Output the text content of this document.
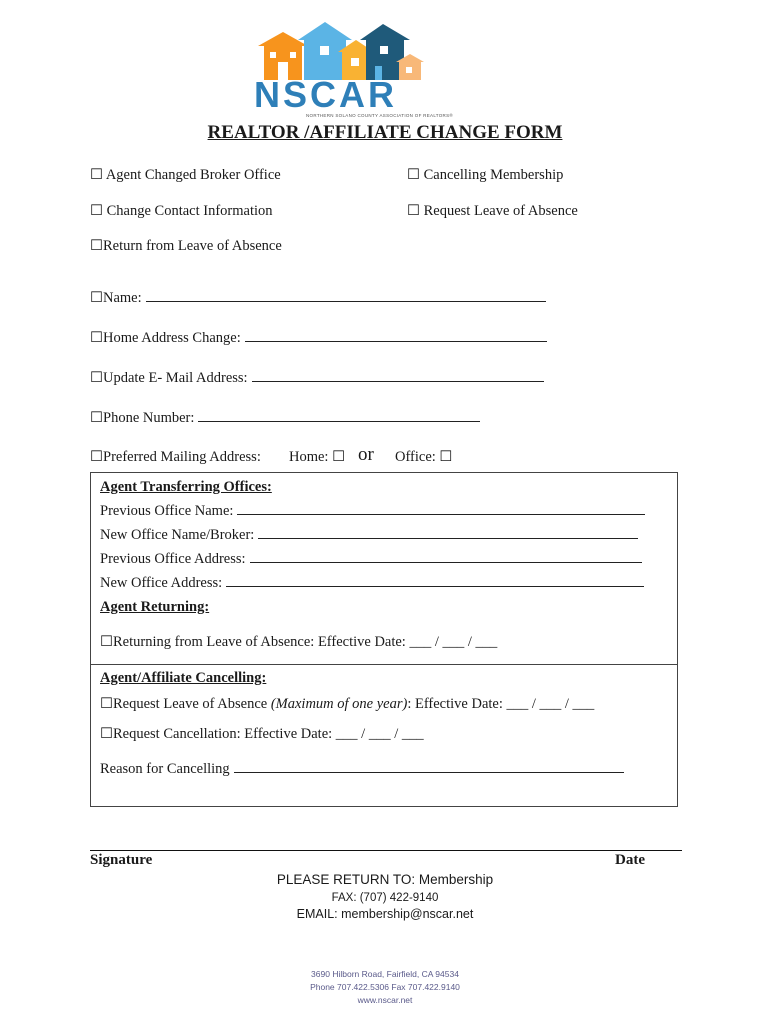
NSCAR
NORTHERN SOLANO COUNTY ASSOCIATION OF REALTORS®
REALTOR /AFFILIATE CHANGE FORM
☐ Agent Changed Broker Office	☐ Cancelling Membership
☐ Change Contact Information	☐ Request Leave of Absence
☐Return from Leave of Absence
☐Name:
☐Home Address Change:
☐Update E- Mail Address:
☐Phone Number:
☐Preferred Mailing Address: Home: ☐ or Office: ☐
Agent Transferring Offices:
Previous Office Name:
New Office Name/Broker:
Previous Office Address:
New Office Address:
Agent Returning:
☐Returning from Leave of Absence: Effective Date: ___ / ___ / ___
Agent/Affiliate Cancelling:
☐Request Leave of Absence (Maximum of one year): Effective Date: ___ / ___ / ___
☐Request Cancellation: Effective Date: ___ / ___ / ___
Reason for Cancelling
Signature	Date
PLEASE RETURN TO: Membership
FAX: (707) 422-9140
EMAIL: membership@nscar.net
3690 Hilborn Road, Fairfield, CA 94534
Phone 707.422.5306 Fax 707.422.9140
www.nscar.net
